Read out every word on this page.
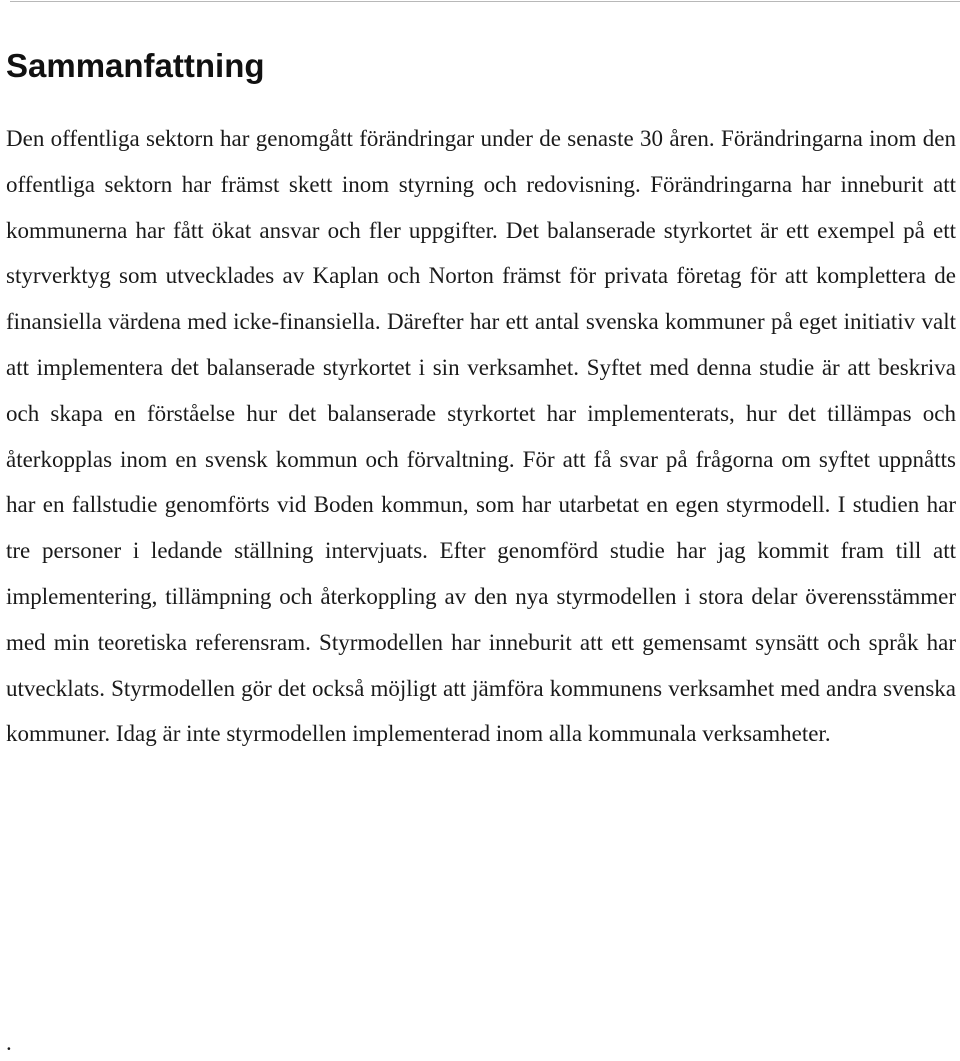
Sammanfattning

Den offentliga sektorn har genomgått förändringar under de senaste 30 åren. Förändringarna inom den offentliga sektorn har främst skett inom styrning och redovisning. Förändringarna har inneburit att kommunerna har fått ökat ansvar och fler uppgifter. Det balanserade styrkortet är ett exempel på ett styrverktyg som utvecklades av Kaplan och Norton främst för privata företag för att komplettera de finansiella värdena med icke-finansiella. Därefter har ett antal svenska kommuner på eget initiativ valt att implementera det balanserade styrkortet i sin verksamhet. Syftet med denna studie är att beskriva och skapa en förståelse hur det balanserade styrkortet har implementerats, hur det tillämpas och återkopplas inom en svensk kommun och förvaltning. För att få svar på frågorna om syftet uppnåtts har en fallstudie genomförts vid Boden kommun, som har utarbetat en egen styrmodell. I studien har tre personer i ledande ställning intervjuats. Efter genomförd studie har jag kommit fram till att implementering, tillämpning och återkoppling av den nya styrmodellen i stora delar överensstämmer med min teoretiska referensram. Styrmodellen har inneburit att ett gemensamt synsätt och språk har utvecklats. Styrmodellen gör det också möjligt att jämföra kommunens verksamhet med andra svenska kommuner. Idag är inte styrmodellen implementerad inom alla kommunala verksamheter.

.
